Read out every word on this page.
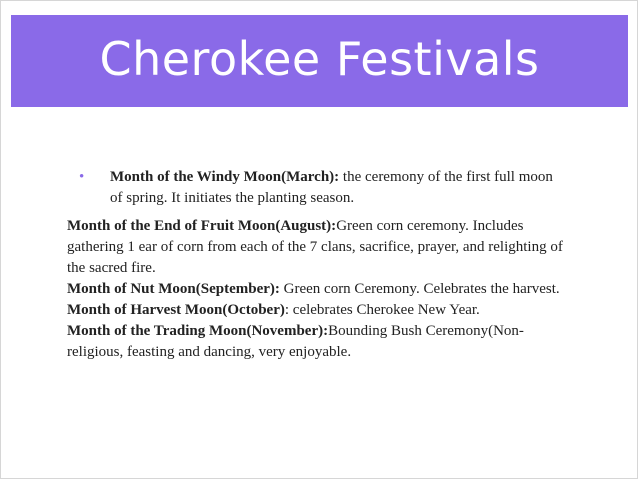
Cherokee Festivals
• Month of the Windy Moon(March): the ceremony of the first full moon of spring. It initiates the planting season.

Month of the End of Fruit Moon(August):Green corn ceremony. Includes gathering 1 ear of corn from each of the 7 clans, sacrifice, prayer, and relighting of the sacred fire.

Month of Nut Moon(September): Green corn Ceremony. Celebrates the harvest.

Month of Harvest Moon(October): celebrates Cherokee New Year.

Month of the Trading Moon(November):Bounding Bush Ceremony(Non-religious, feasting and dancing, very enjoyable.
